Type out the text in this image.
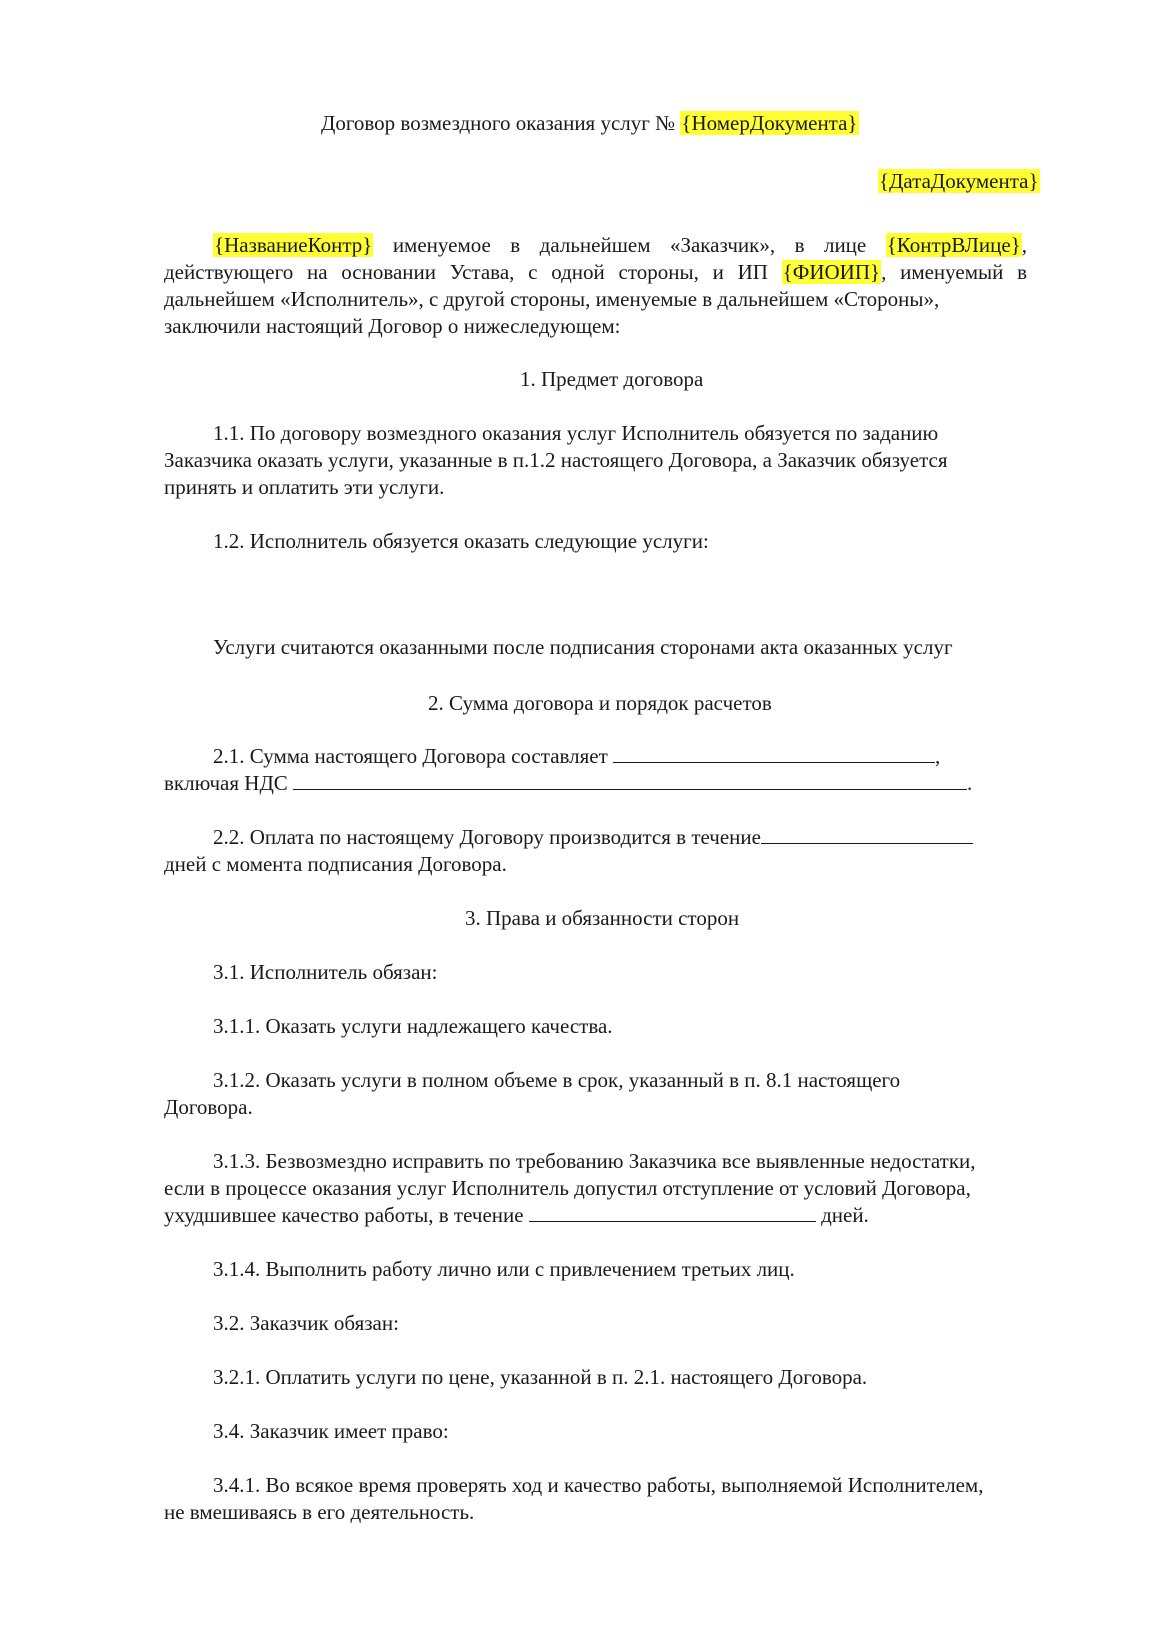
Договор возмездного оказания услуг № {НомерДокумента}
{ДатаДокумента}
{НазваниеКонтр} именуемое в дальнейшем «Заказчик», в лице {КонтрВЛице},
действующего на основании Устава, с одной стороны, и ИП {ФИОИП}, именуемый в
дальнейшем «Исполнитель», с другой стороны, именуемые в дальнейшем «Стороны»,
заключили настоящий Договор о нижеследующем:
1. Предмет договора
1.1. По договору возмездного оказания услуг Исполнитель обязуется по заданию
Заказчика оказать услуги, указанные в п.1.2 настоящего Договора, а Заказчик обязуется
принять и оплатить эти услуги.
1.2. Исполнитель обязуется оказать следующие услуги:
Услуги считаются оказанными после подписания сторонами акта оказанных услуг
2. Сумма договора и порядок расчетов
2.1. Сумма настоящего Договора составляет	,
включая НДС	.
2.2. Оплата по настоящему Договору производится в течение
дней с момента подписания Договора.
3. Права и обязанности сторон
3.1. Исполнитель обязан:
3.1.1. Оказать услуги надлежащего качества.
3.1.2. Оказать услуги в полном объеме в срок, указанный в п. 8.1 настоящего
Договора.
3.1.3. Безвозмездно исправить по требованию Заказчика все выявленные недостатки,
если в процессе оказания услуг Исполнитель допустил отступление от условий Договора,
ухудшившее качество работы, в течение	дней.
3.1.4. Выполнить работу лично или с привлечением третьих лиц.
3.2. Заказчик обязан:
3.2.1. Оплатить услуги по цене, указанной в п. 2.1. настоящего Договора.
3.4. Заказчик имеет право:
3.4.1. Во всякое время проверять ход и качество работы, выполняемой Исполнителем,
не вмешиваясь в его деятельность.
